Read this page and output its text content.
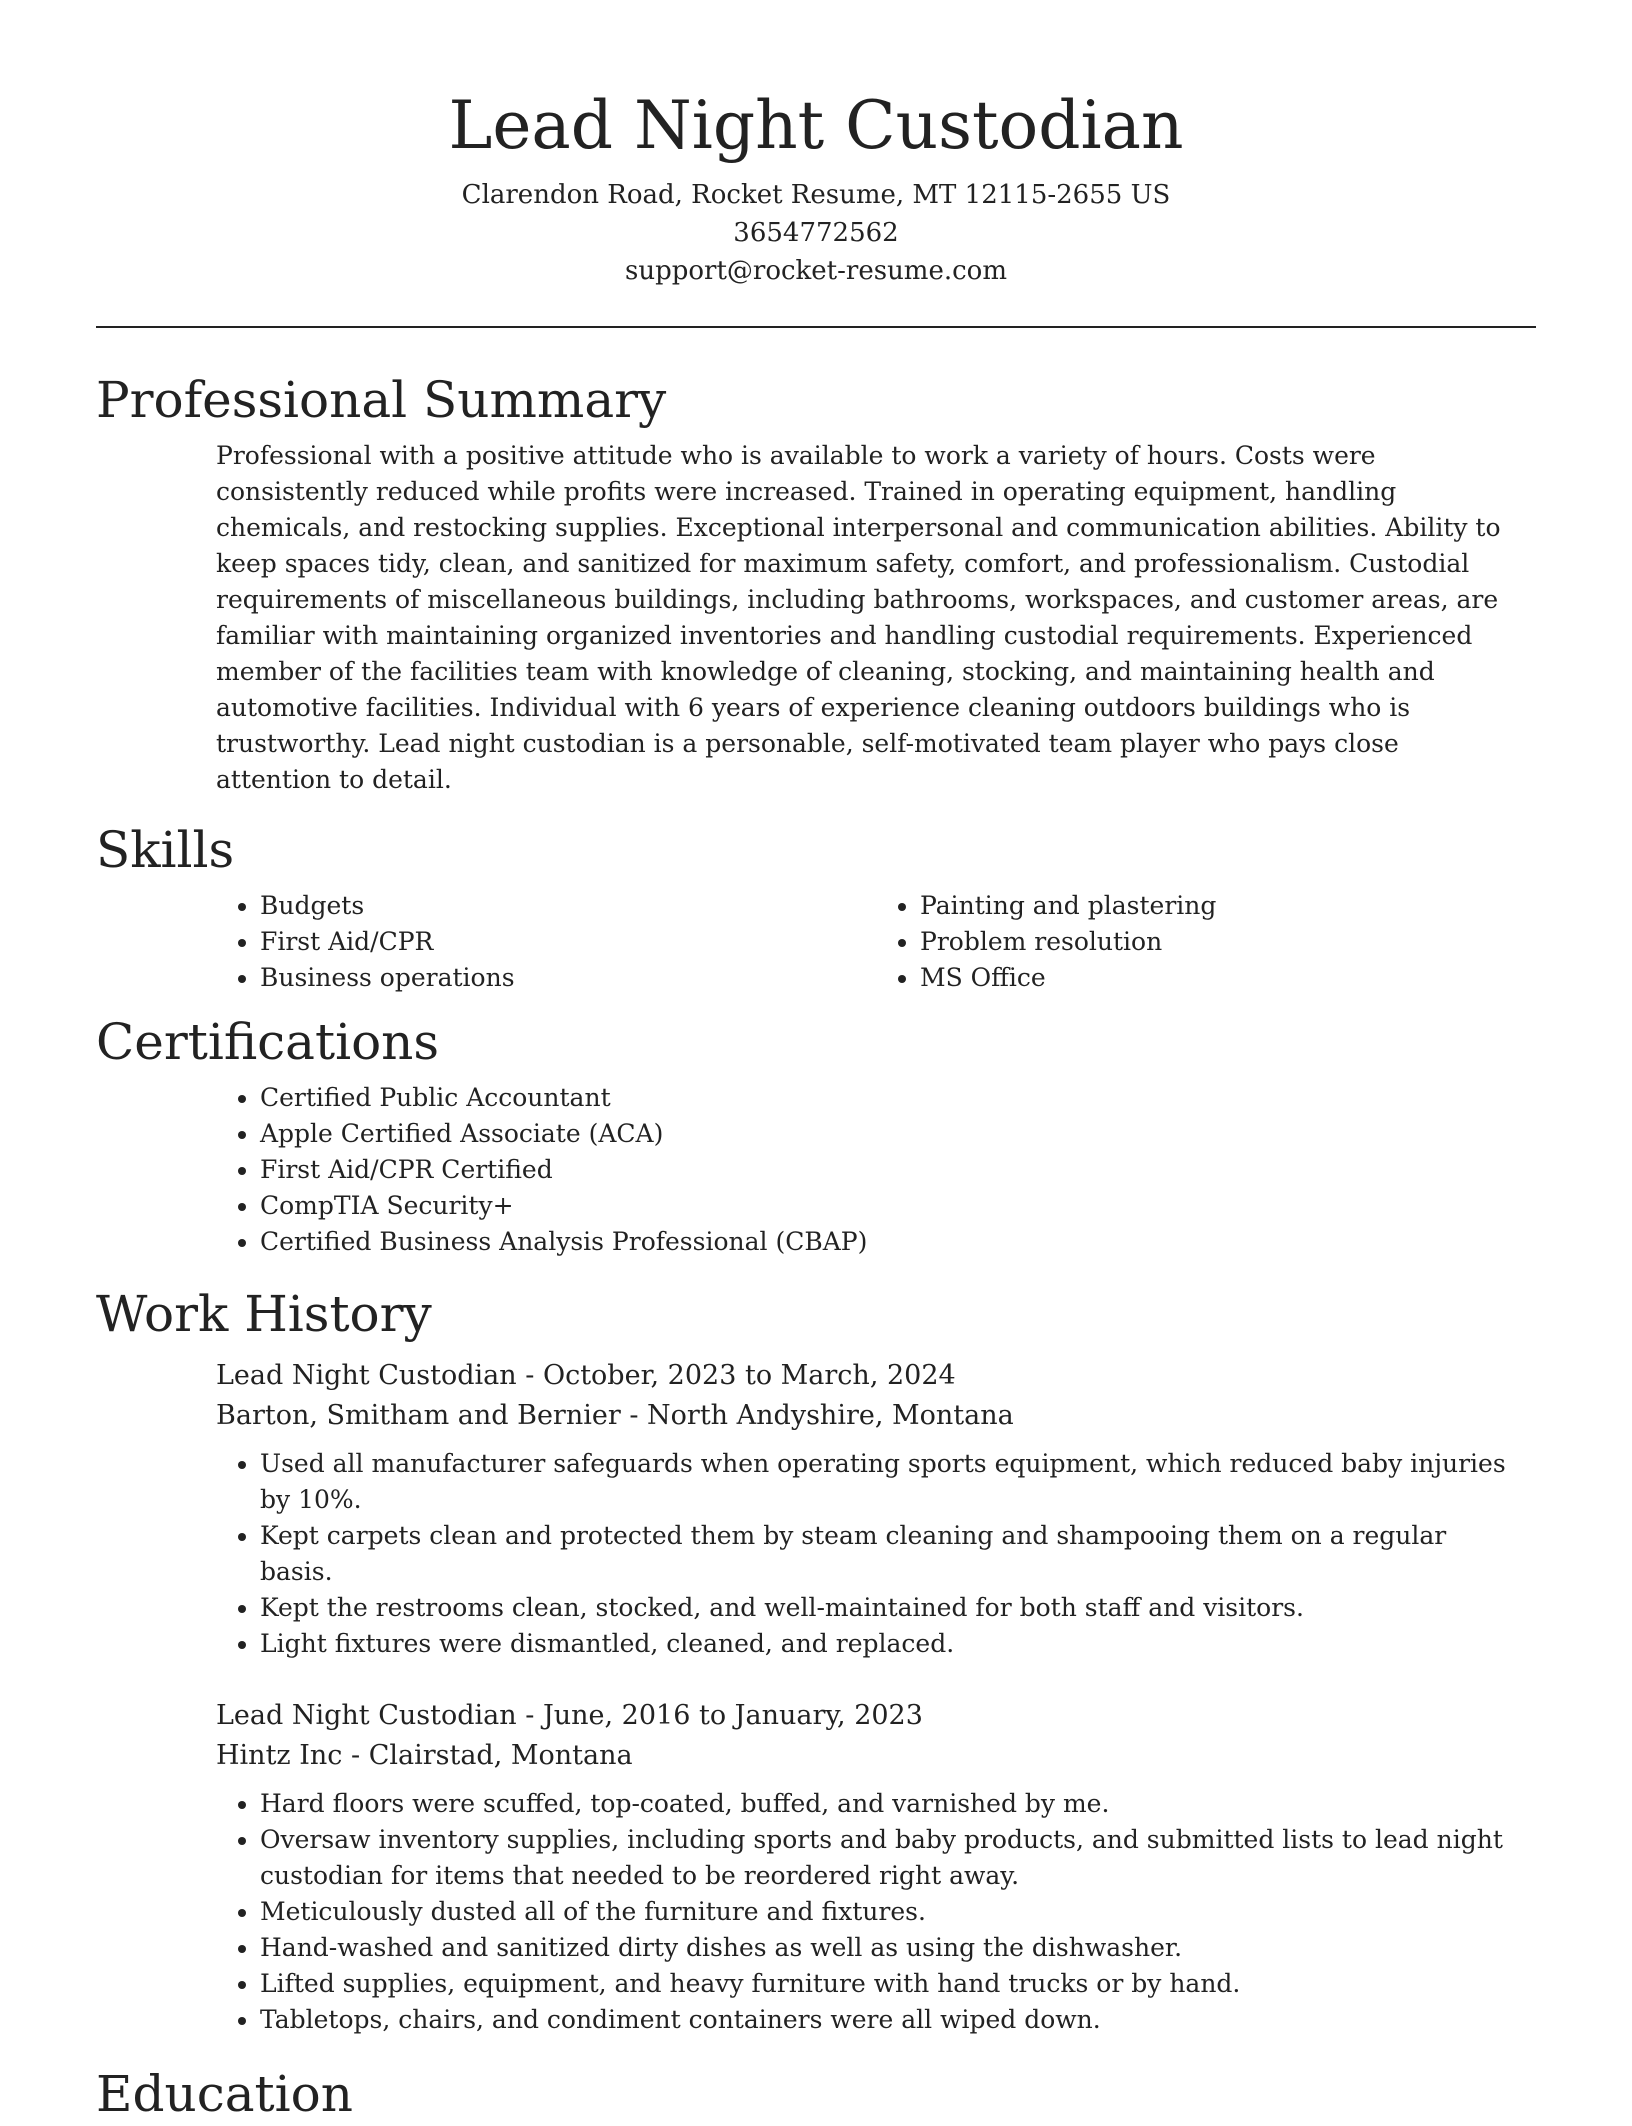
Lead Night Custodian

Clarendon Road, Rocket Resume, MT 12115-2655 US

3654772562

support@rocket-resume.com

Professional Summary

Professional with a positive attitude who is available to work a variety of hours. Costs were consistently reduced while profits were increased. Trained in operating equipment, handling chemicals, and restocking supplies. Exceptional interpersonal and communication abilities. Ability to keep spaces tidy, clean, and sanitized for maximum safety, comfort, and professionalism. Custodial requirements of miscellaneous buildings, including bathrooms, workspaces, and customer areas, are familiar with maintaining organized inventories and handling custodial requirements. Experienced member of the facilities team with knowledge of cleaning, stocking, and maintaining health and automotive facilities. Individual with 6 years of experience cleaning outdoors buildings who is trustworthy. Lead night custodian is a personable, self-motivated team player who pays close attention to detail.

Skills
• Budgets
• First Aid/CPR
• Business operations
• Painting and plastering
• Problem resolution
• MS Office
Certifications
• Certified Public Accountant
• Apple Certified Associate (ACA)
• First Aid/CPR Certified
• CompTIA Security+
• Certified Business Analysis Professional (CBAP)
Work History

Lead Night Custodian - October, 2023 to March, 2024

Barton, Smitham and Bernier - North Andyshire, Montana

• Used all manufacturer safeguards when operating sports equipment, which reduced baby injuries by 10%.
• Kept carpets clean and protected them by steam cleaning and shampooing them on a regular basis.
• Kept the restrooms clean, stocked, and well-maintained for both staff and visitors.
• Light fixtures were dismantled, cleaned, and replaced.

Lead Night Custodian - June, 2016 to January, 2023

Hintz Inc - Clairstad, Montana

• Hard floors were scuffed, top-coated, buffed, and varnished by me.
• Oversaw inventory supplies, including sports and baby products, and submitted lists to lead night custodian for items that needed to be reordered right away.
• Meticulously dusted all of the furniture and fixtures.
• Hand-washed and sanitized dirty dishes as well as using the dishwasher.
• Lifted supplies, equipment, and heavy furniture with hand trucks or by hand.
• Tabletops, chairs, and condiment containers were all wiped down.
Education
